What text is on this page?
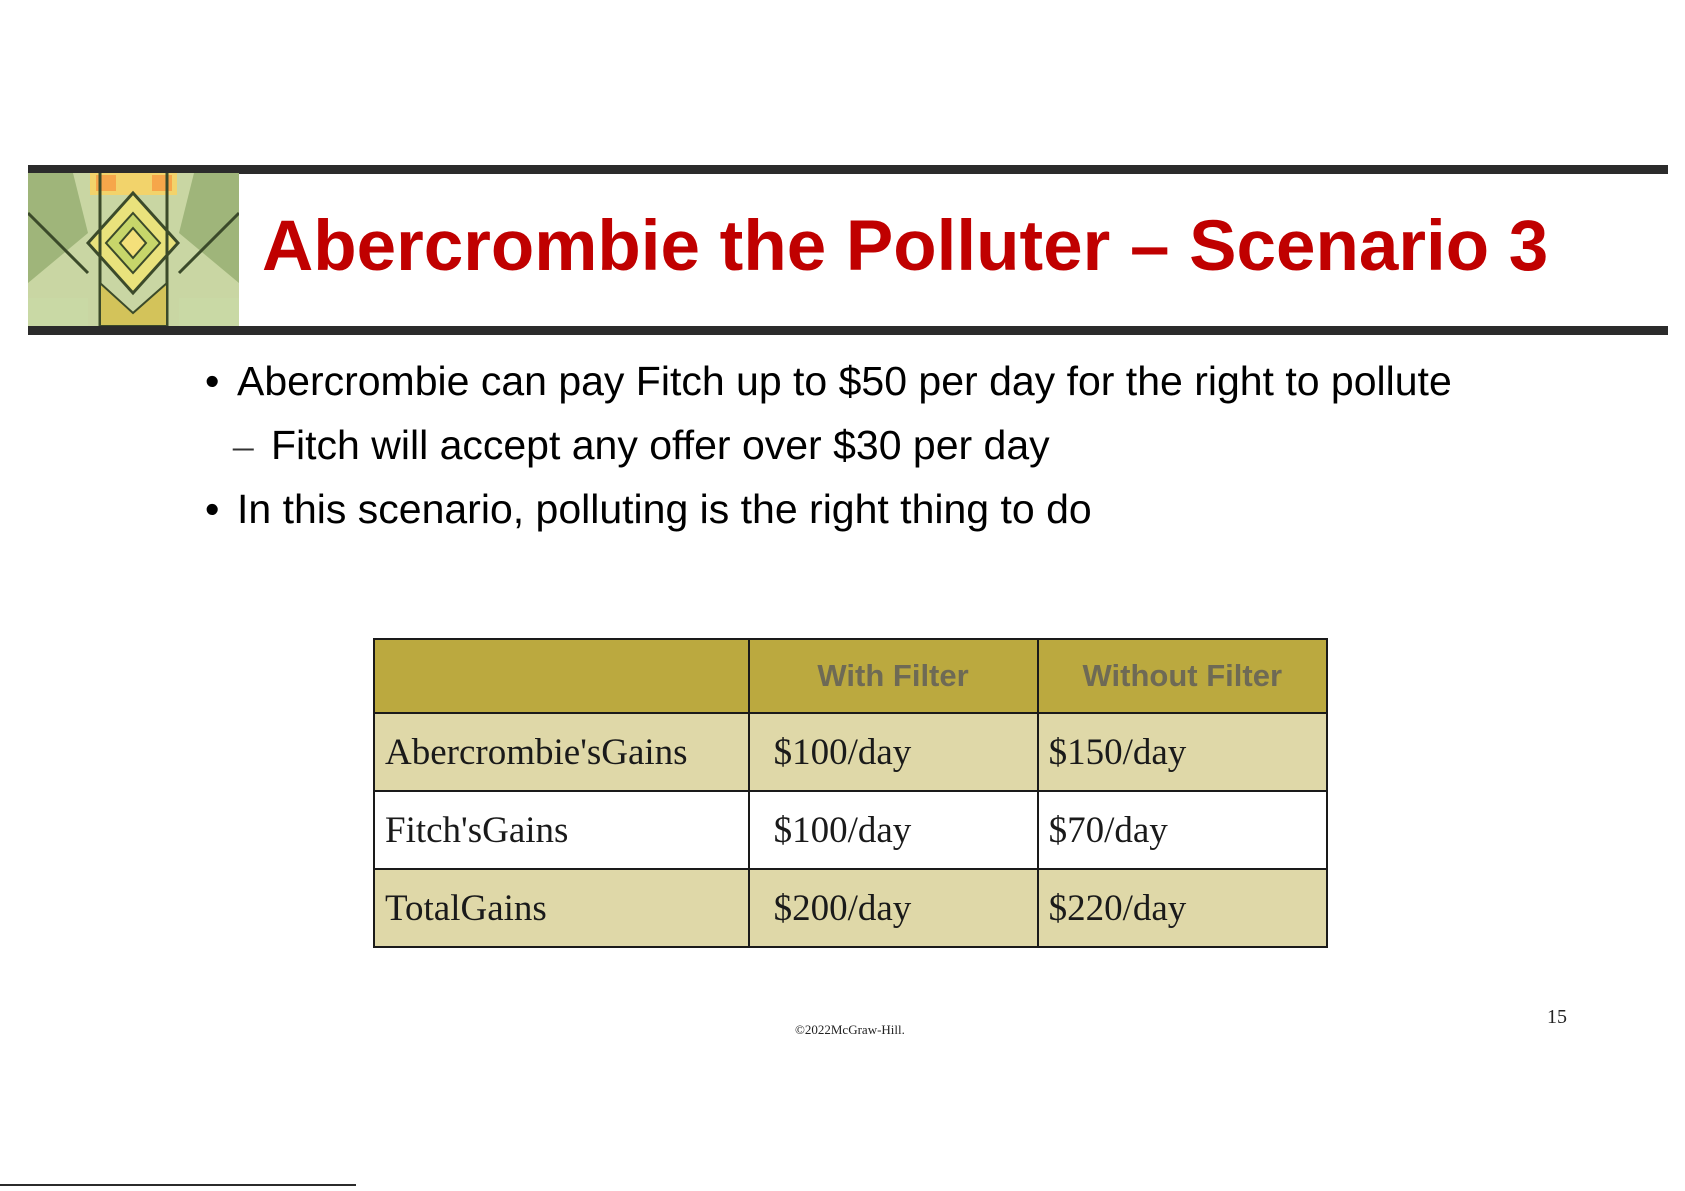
Abercrombie the Polluter – Scenario 3
• Abercrombie can pay Fitch up to $50 per day for the right to pollute
– Fitch will accept any offer over $30 per day
• In this scenario, polluting is the right thing to do
	With Filter	Without Filter
Abercrombie'sGains	$100/day	$150/day
Fitch'sGains	$100/day	$70/day
TotalGains	$200/day	$220/day
©2022McGraw-Hill.
15
